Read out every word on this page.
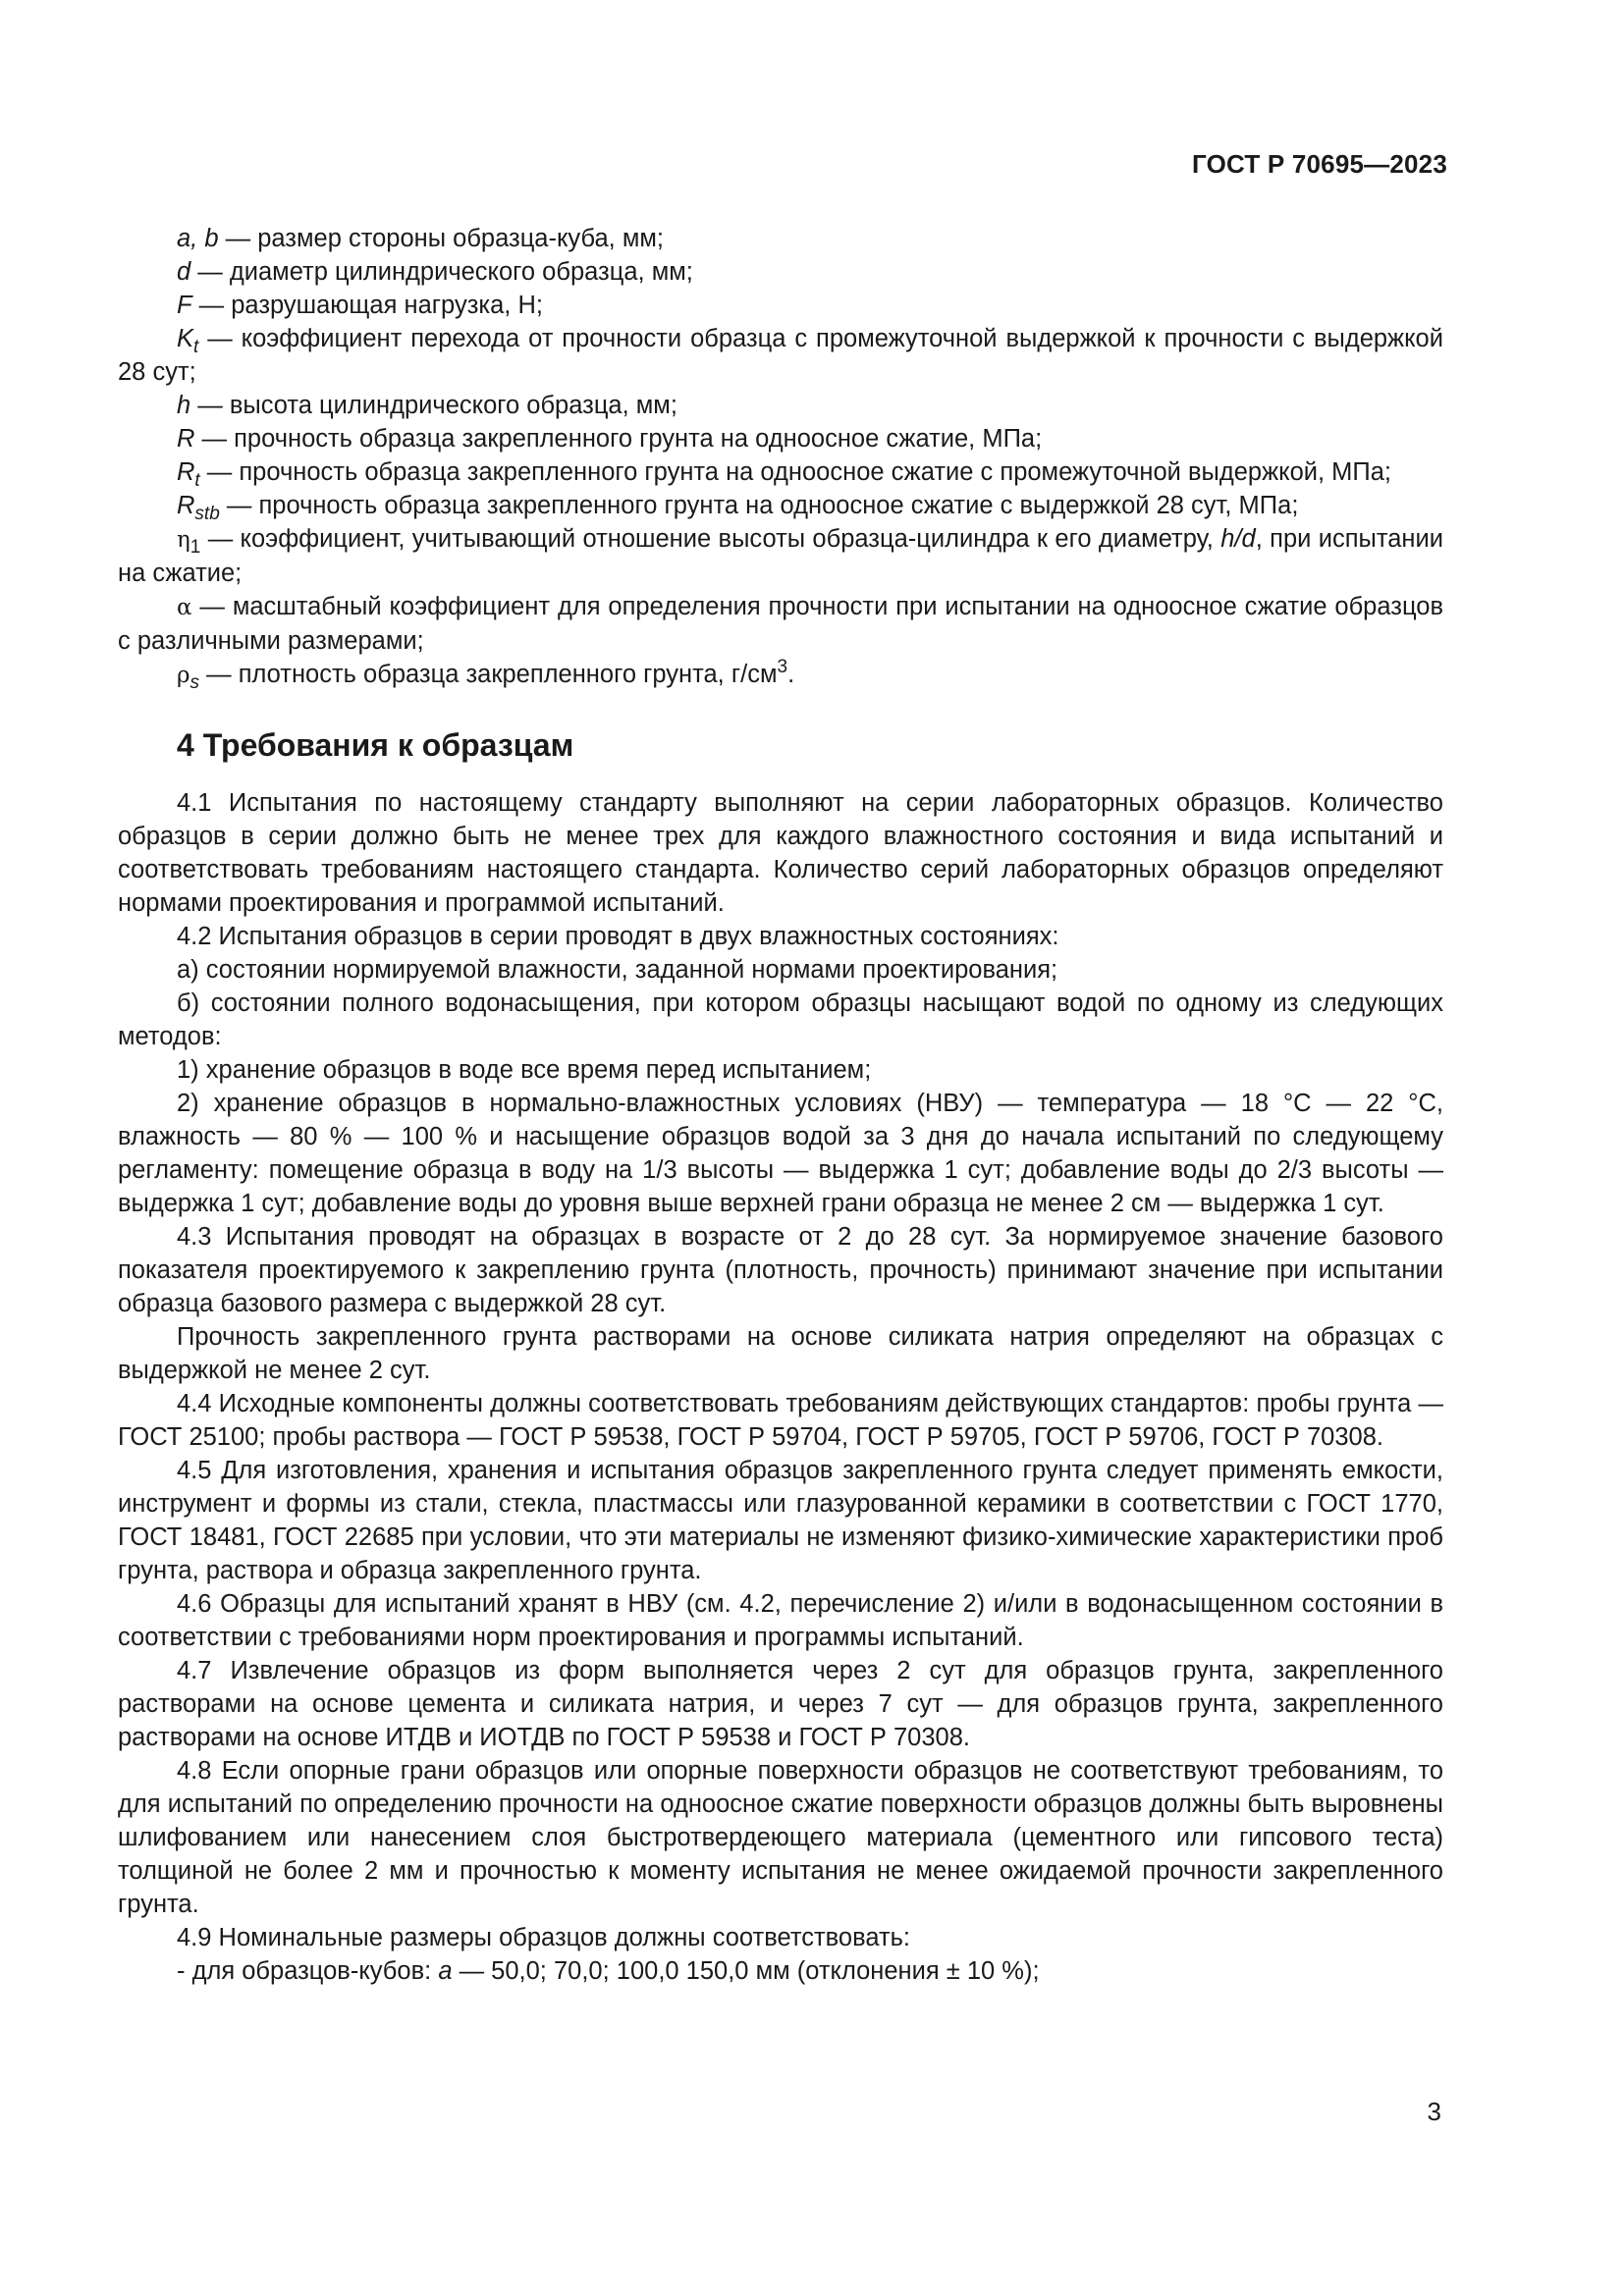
ГОСТ Р 70695—2023

a, b — размер стороны образца-куба, мм;

d — диаметр цилиндрического образца, мм;

F — разрушающая нагрузка, Н;

$K_t$ — коэффициент перехода от прочности образца с промежуточной выдержкой к прочности с выдержкой 28 сут;

h — высота цилиндрического образца, мм;

R — прочность образца закрепленного грунта на одноосное сжатие, МПа;

$R_t$ — прочность образца закрепленного грунта на одноосное сжатие с промежуточной выдержкой, МПа;

$R_{stb}$ — прочность образца закрепленного грунта на одноосное сжатие с выдержкой 28 сут, МПа;

$\eta_1$ — коэффициент, учитывающий отношение высоты образца-цилиндра к его диаметру, h/d, при испытании на сжатие;

α — масштабный коэффициент для определения прочности при испытании на одноосное сжатие образцов с различными размерами;

$\rho_s$ — плотность образца закрепленного грунта, $г/см^3$.

4 Требования к образцам

4.1 Испытания по настоящему стандарту выполняют на серии лабораторных образцов. Количество образцов в серии должно быть не менее трех для каждого влажностного состояния и вида испытаний и соответствовать требованиям настоящего стандарта. Количество серий лабораторных образцов определяют нормами проектирования и программой испытаний.

4.2 Испытания образцов в серии проводят в двух влажностных состояниях:

а) состоянии нормируемой влажности, заданной нормами проектирования;

б) состоянии полного водонасыщения, при котором образцы насыщают водой по одному из следующих методов:

1) хранение образцов в воде все время перед испытанием;

2) хранение образцов в нормально-влажностных условиях (НВУ) — температура — 18 °С — 22 °С, влажность — 80 % — 100 % и насыщение образцов водой за 3 дня до начала испытаний по следующему регламенту: помещение образца в воду на 1/3 высоты — выдержка 1 сут; добавление воды до 2/3 высоты — выдержка 1 сут; добавление воды до уровня выше верхней грани образца не менее 2 см — выдержка 1 сут.

4.3 Испытания проводят на образцах в возрасте от 2 до 28 сут. За нормируемое значение базового показателя проектируемого к закреплению грунта (плотность, прочность) принимают значение при испытании образца базового размера с выдержкой 28 сут.

Прочность закрепленного грунта растворами на основе силиката натрия определяют на образцах с выдержкой не менее 2 сут.

4.4 Исходные компоненты должны соответствовать требованиям действующих стандартов: пробы грунта — ГОСТ 25100; пробы раствора — ГОСТ Р 59538, ГОСТ Р 59704, ГОСТ Р 59705, ГОСТ Р 59706, ГОСТ Р 70308.

4.5 Для изготовления, хранения и испытания образцов закрепленного грунта следует применять емкости, инструмент и формы из стали, стекла, пластмассы или глазурованной керамики в соответствии с ГОСТ 1770, ГОСТ 18481, ГОСТ 22685 при условии, что эти материалы не изменяют физико-химические характеристики проб грунта, раствора и образца закрепленного грунта.

4.6 Образцы для испытаний хранят в НВУ (см. 4.2, перечисление 2) и/или в водонасыщенном состоянии в соответствии с требованиями норм проектирования и программы испытаний.

4.7 Извлечение образцов из форм выполняется через 2 сут для образцов грунта, закрепленного растворами на основе цемента и силиката натрия, и через 7 сут — для образцов грунта, закрепленного растворами на основе ИТДВ и ИОТДВ по ГОСТ Р 59538 и ГОСТ Р 70308.

4.8 Если опорные грани образцов или опорные поверхности образцов не соответствуют требованиям, то для испытаний по определению прочности на одноосное сжатие поверхности образцов должны быть выровнены шлифованием или нанесением слоя быстротвердеющего материала (цементного или гипсового теста) толщиной не более 2 мм и прочностью к моменту испытания не менее ожидаемой прочности закрепленного грунта.

4.9 Номинальные размеры образцов должны соответствовать:

- для образцов-кубов: a — 50,0; 70,0; 100,0 150,0 мм (отклонения ± 10 %);

3
